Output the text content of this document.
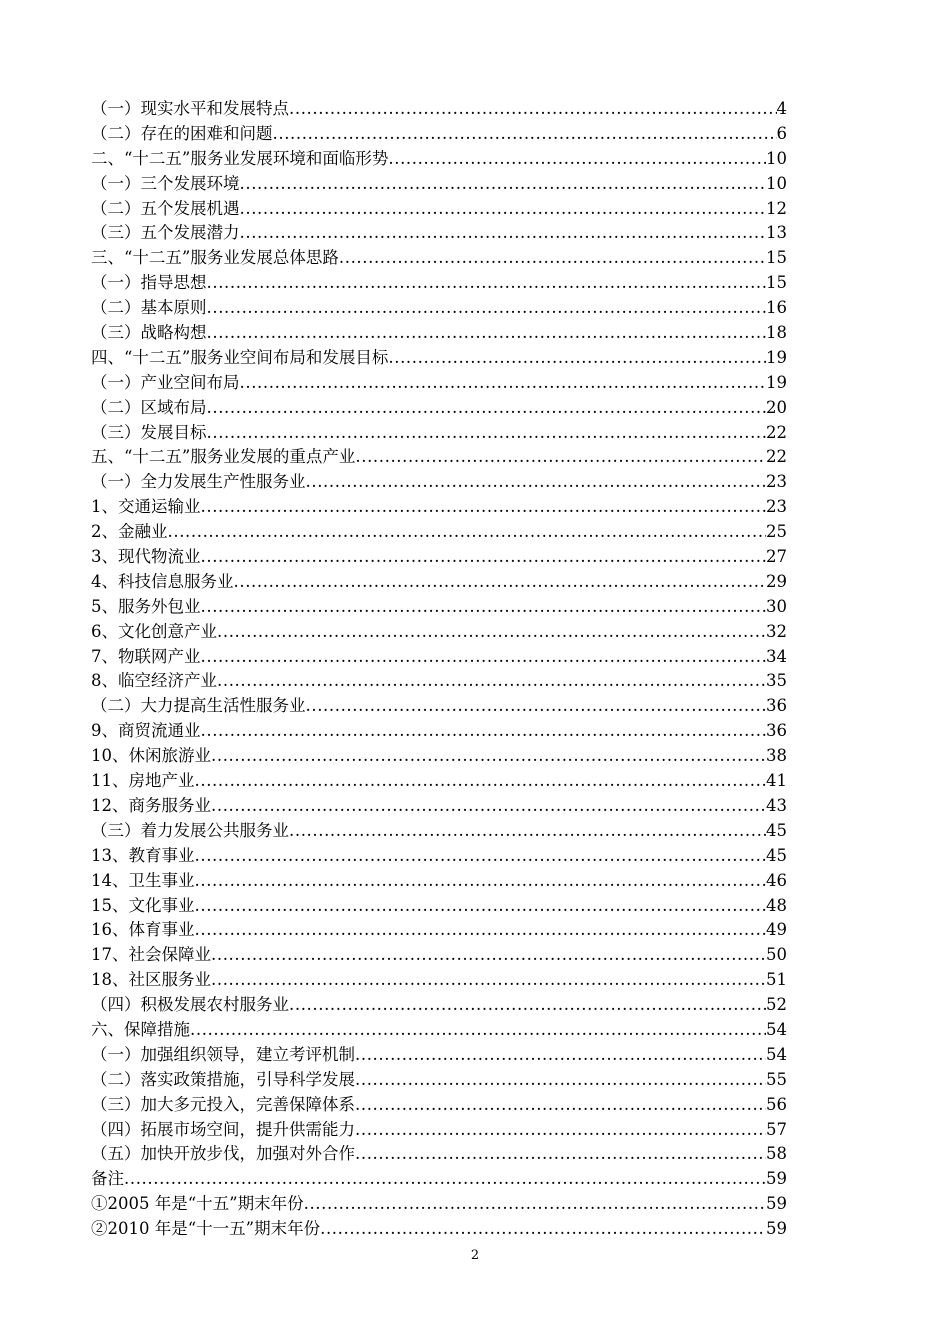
（一）现实水平和发展特点 .....	4
（二）存在的困难和问题 .....	6
二、“十二五”服务业发展环境和面临形势 .....	10
（一）三个发展环境 .....	10
（二）五个发展机遇 .....	12
（三）五个发展潜力 .....	13
三、“十二五”服务业发展总体思路 .....	15
（一）指导思想 .....	15
（二）基本原则 .....	16
（三）战略构想 .....	18
四、“十二五”服务业空间布局和发展目标 .....	19
（一）产业空间布局 .....	19
（二）区域布局 .....	20
（三）发展目标 .....	22
五、“十二五”服务业发展的重点产业 .....	22
（一）全力发展生产性服务业 .....	23
1、交通运输业 .....	23
2、金融业 .....	25
3、现代物流业 .....	27
4、科技信息服务业 .....	29
5、服务外包业 .....	30
6、文化创意产业 .....	32
7、物联网产业 .....	34
8、临空经济产业 .....	35
（二）大力提高生活性服务业 .....	36
9、商贸流通业 .....	36
10、休闲旅游业 .....	38
11、房地产业 .....	41
12、商务服务业 .....	43
（三）着力发展公共服务业 .....	45
13、教育事业 .....	45
14、卫生事业 .....	46
15、文化事业 .....	48
16、体育事业 .....	49
17、社会保障业 .....	50
18、社区服务业 .....	51
（四）积极发展农村服务业 .....	52
六、保障措施 .....	54
（一）加强组织领导，建立考评机制 .....	54
（二）落实政策措施，引导科学发展 .....	55
（三）加大多元投入，完善保障体系 .....	56
（四）拓展市场空间，提升供需能力 .....	57
（五）加快开放步伐，加强对外合作 .....	58
备注 .....	59
①2005 年是“十五”期末年份 .....	59
②2010 年是“十一五”期末年份 .....	59
2
